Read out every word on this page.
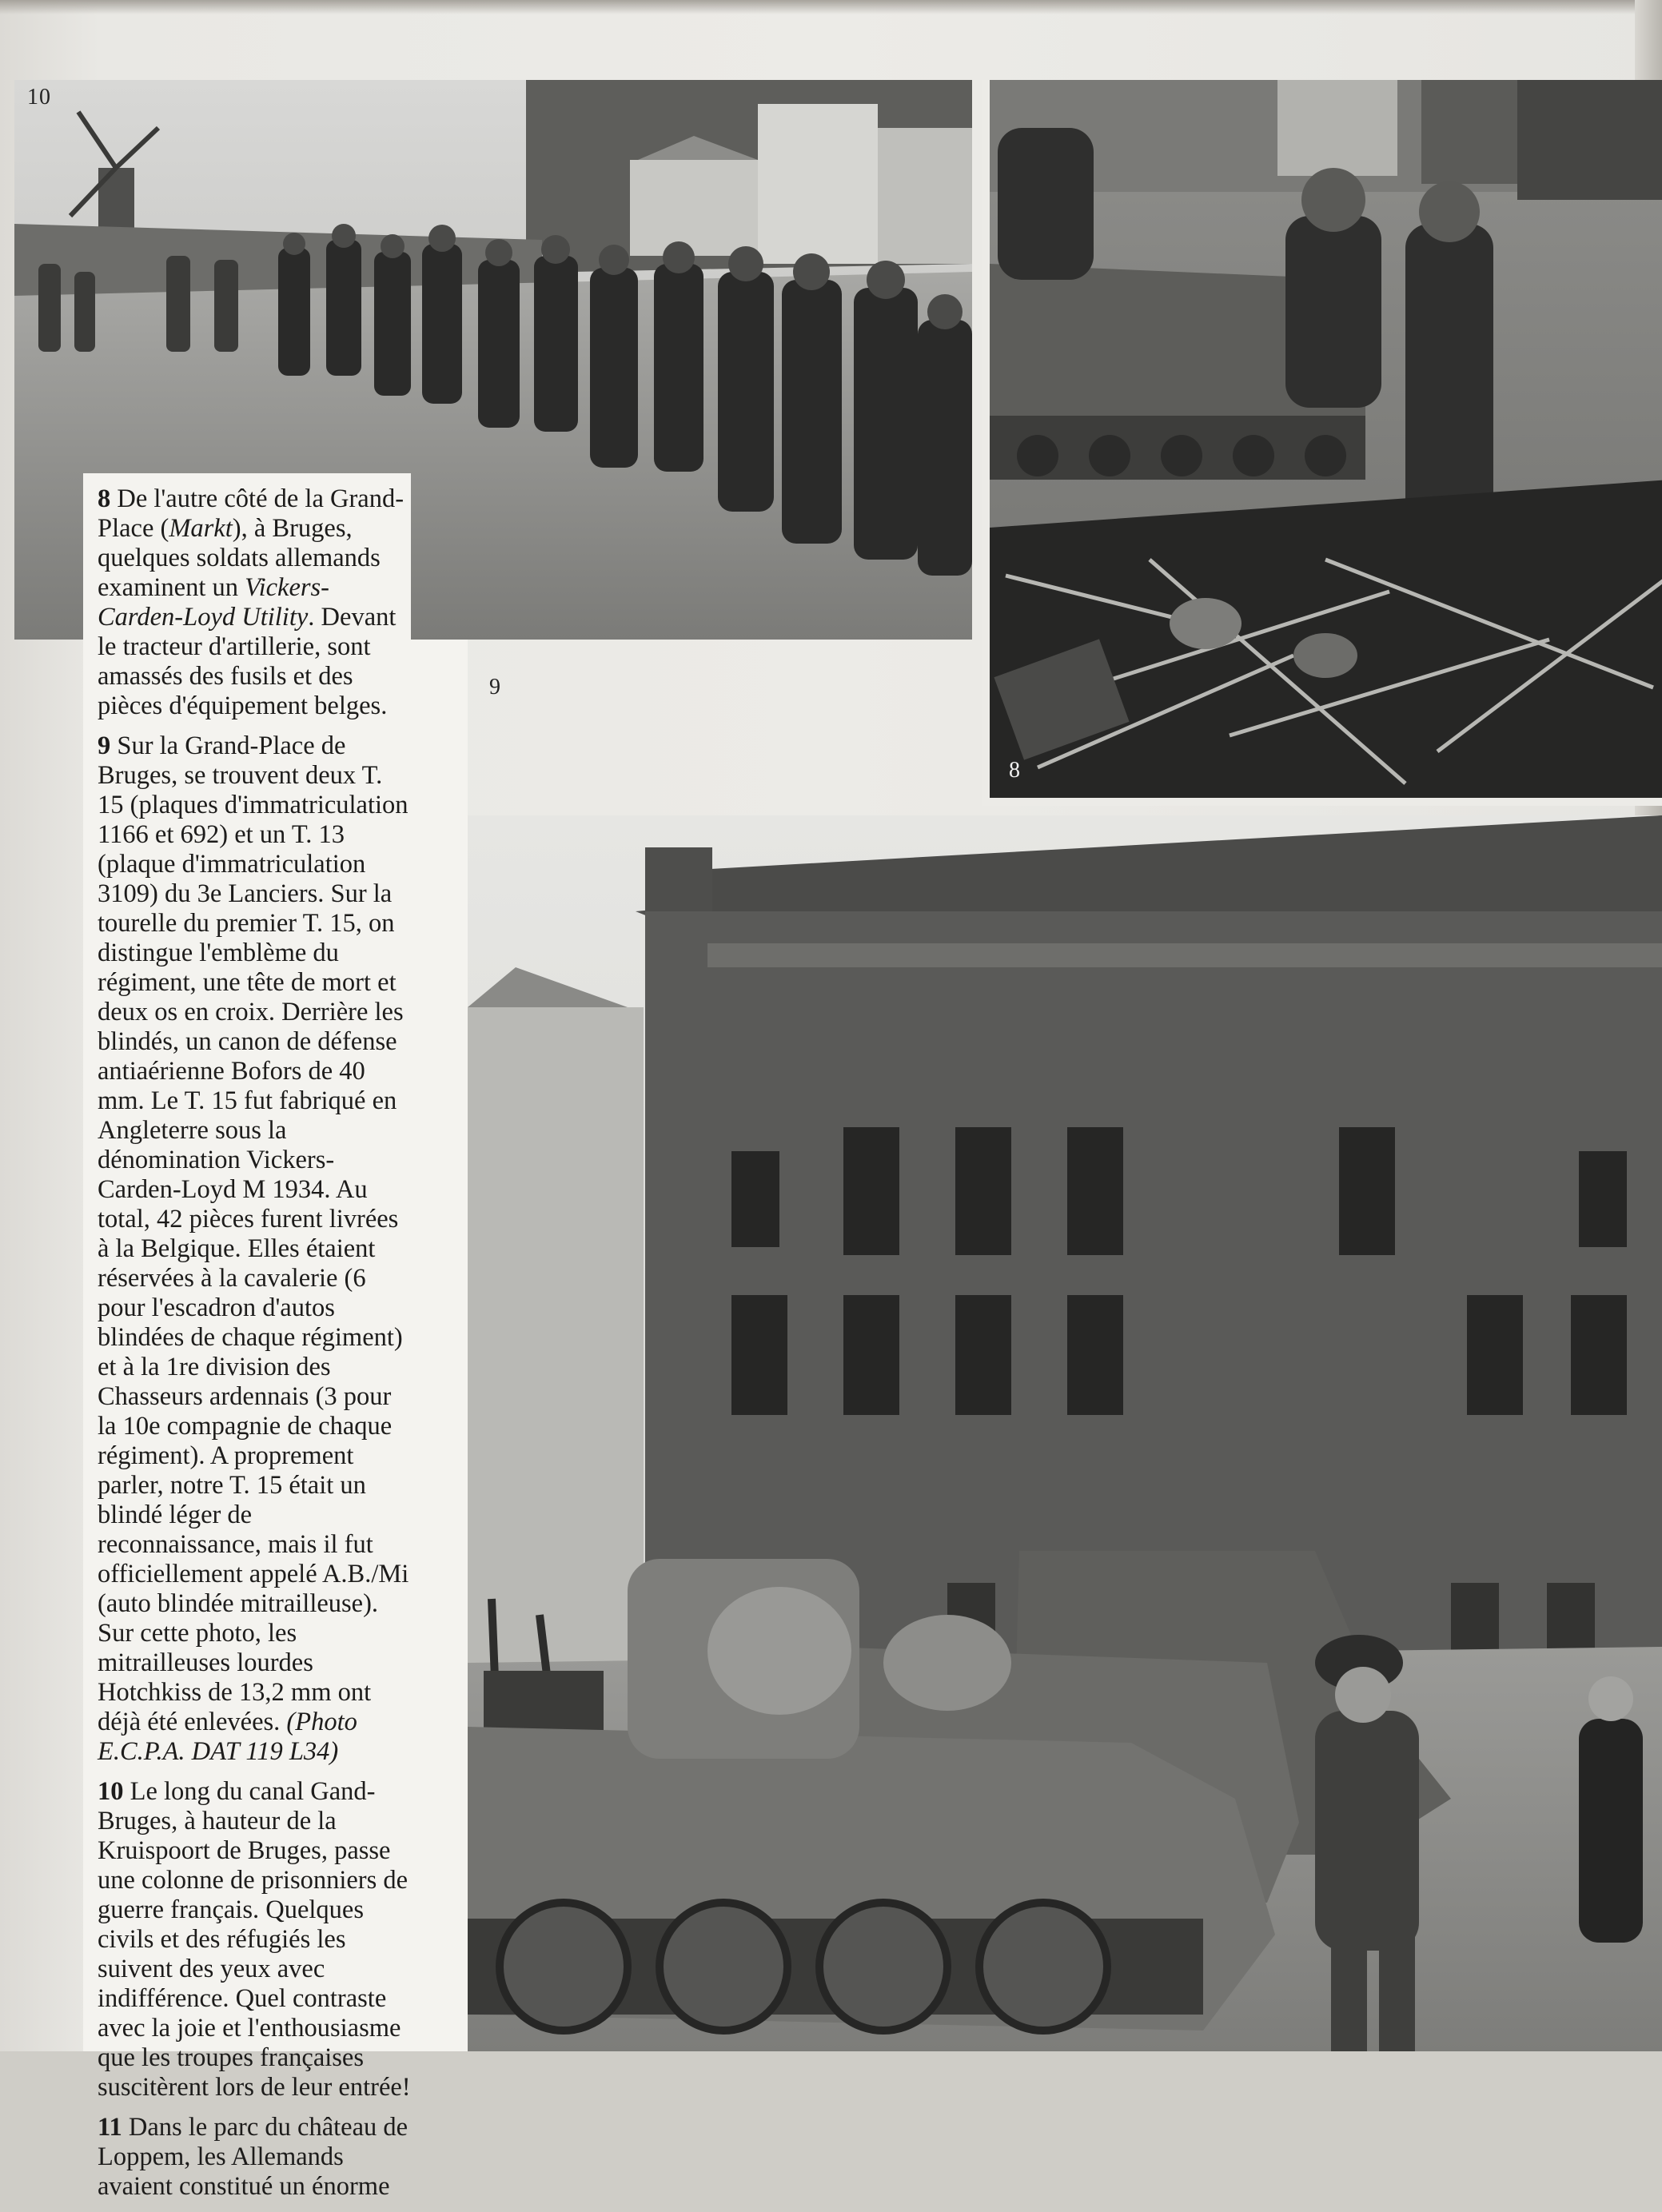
10
8
9

8 De l'autre côté de la Grand-Place (Markt), à Bruges, quelques soldats allemands examinent un Vickers-Carden-Loyd Utility. Devant le tracteur d'artillerie, sont amassés des fusils et des pièces d'équipement belges.

9 Sur la Grand-Place de Bruges, se trouvent deux T. 15 (plaques d'immatriculation 1166 et 692) et un T. 13 (plaque d'immatriculation 3109) du 3e Lanciers. Sur la tourelle du premier T. 15, on distingue l'emblème du régiment, une tête de mort et deux os en croix. Derrière les blindés, un canon de défense antiaérienne Bofors de 40 mm. Le T. 15 fut fabriqué en Angleterre sous la dénomination Vickers-Carden-Loyd M 1934. Au total, 42 pièces furent livrées à la Belgique. Elles étaient réservées à la cavalerie (6 pour l'escadron d'autos blindées de chaque régiment) et à la 1re division des Chasseurs ardennais (3 pour la 10e compagnie de chaque régiment). A proprement parler, notre T. 15 était un blindé léger de reconnaissance, mais il fut officiellement appelé A.B./Mi (auto blindée mitrailleuse). Sur cette photo, les mitrailleuses lourdes Hotchkiss de 13,2 mm ont déjà été enlevées. (Photo E.C.P.A. DAT 119 L34)

10 Le long du canal Gand-Bruges, à hauteur de la Kruispoort de Bruges, passe une colonne de prisonniers de guerre français. Quelques civils et des réfugiés les suivent des yeux avec indifférence. Quel contraste avec la joie et l'enthousiasme que les troupes françaises suscitèrent lors de leur entrée!

11 Dans le parc du château de Loppem, les Allemands avaient constitué un énorme
